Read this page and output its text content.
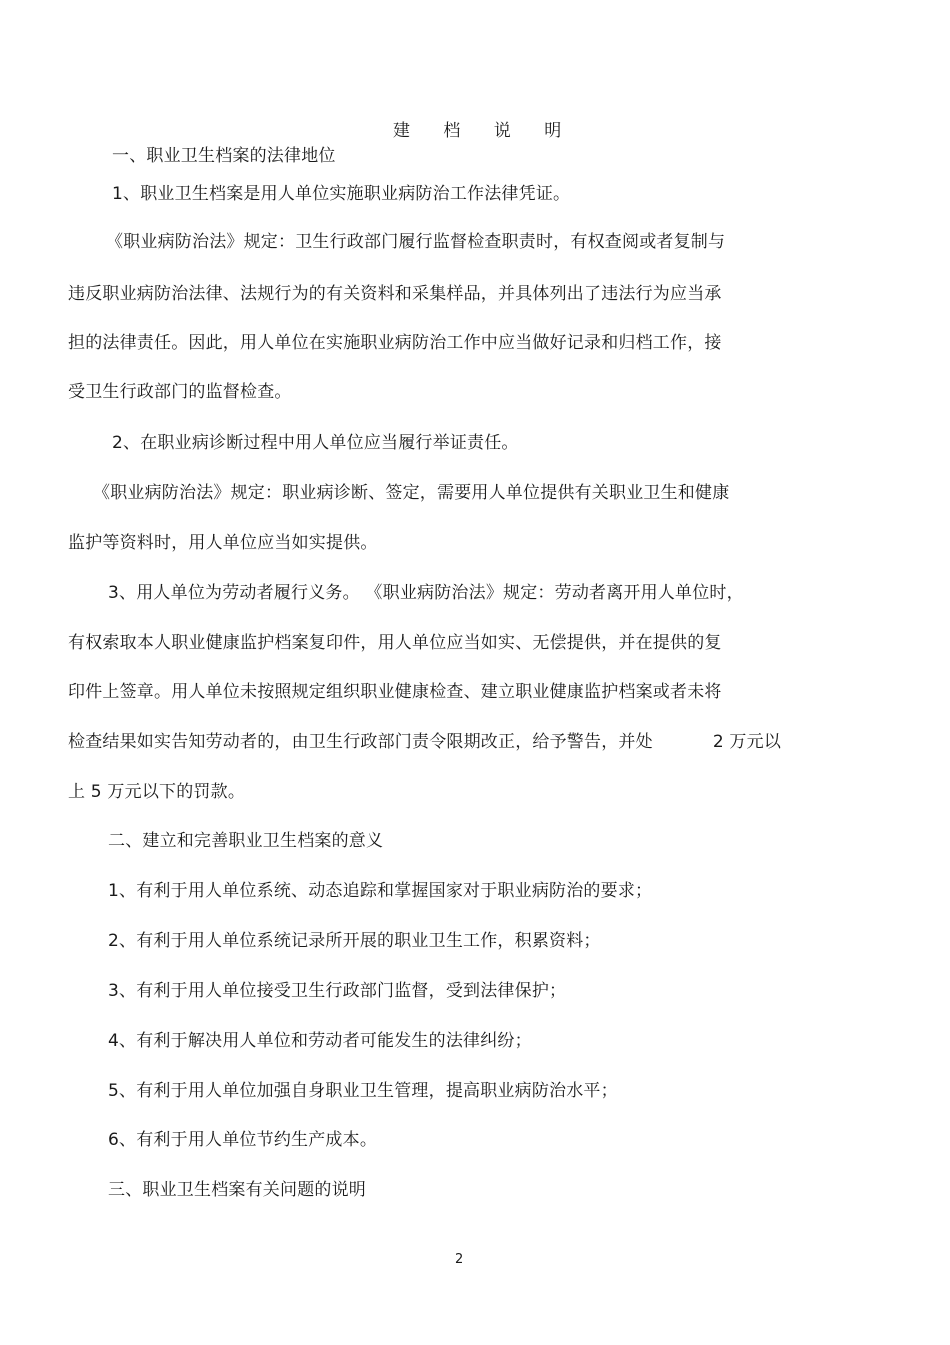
建 档 说 明
一、职业卫生档案的法律地位
1、职业卫生档案是用人单位实施职业病防治工作法律凭证。
《职业病防治法》规定：卫生行政部门履行监督检查职责时，有权查阅或者复制与
违反职业病防治法律、法规行为的有关资料和采集样品，并具体列出了违法行为应当承
担的法律责任。因此，用人单位在实施职业病防治工作中应当做好记录和归档工作，接
受卫生行政部门的监督检查。
2、在职业病诊断过程中用人单位应当履行举证责任。
《职业病防治法》规定：职业病诊断、签定，需要用人单位提供有关职业卫生和健康
监护等资料时，用人单位应当如实提供。
3、用人单位为劳动者履行义务。 《职业病防治法》规定：劳动者离开用人单位时，
有权索取本人职业健康监护档案复印件，用人单位应当如实、无偿提供，并在提供的复
印件上签章。用人单位未按照规定组织职业健康检查、建立职业健康监护档案或者未将
检查结果如实告知劳动者的，由卫生行政部门责令限期改正，给予警告，并处	2 万元以
上 5 万元以下的罚款。
二、建立和完善职业卫生档案的意义
1、有利于用人单位系统、动态追踪和掌握国家对于职业病防治的要求；
2、有利于用人单位系统记录所开展的职业卫生工作，积累资料；
3、有利于用人单位接受卫生行政部门监督，受到法律保护；
4、有利于解决用人单位和劳动者可能发生的法律纠纷；
5、有利于用人单位加强自身职业卫生管理，提高职业病防治水平；
6、有利于用人单位节约生产成本。
三、职业卫生档案有关问题的说明
2
